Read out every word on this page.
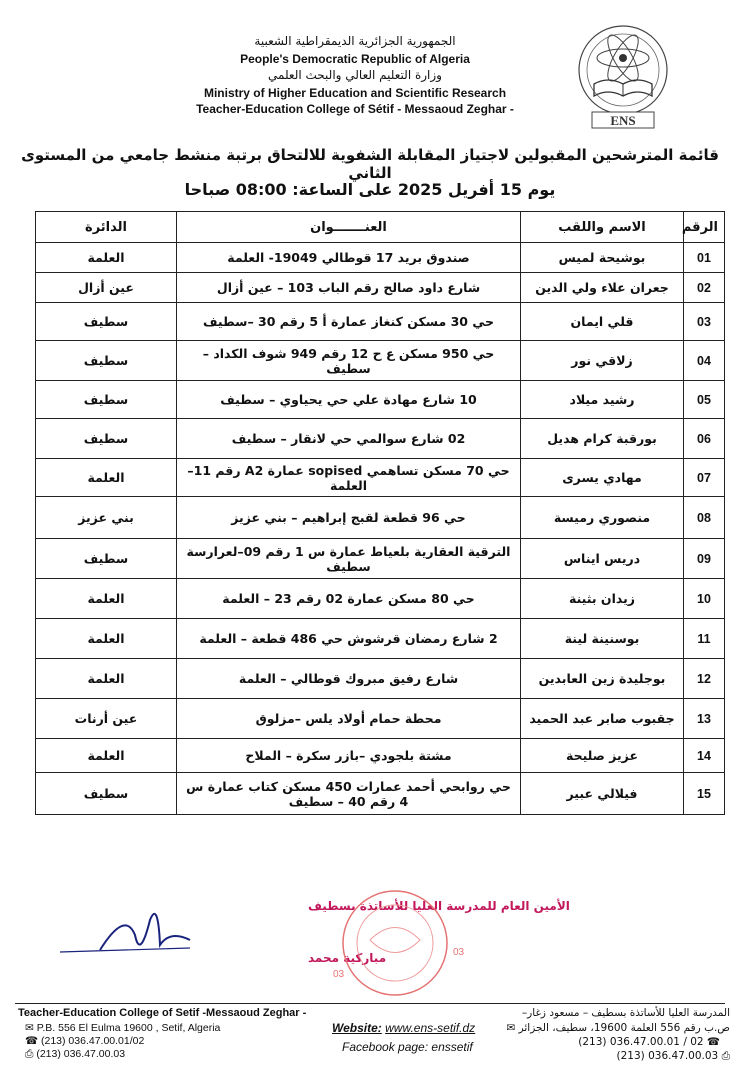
الجمهورية الجزائرية الديمقراطية الشعبية
People's Democratic Republic of Algeria
وزارة التعليم العالي والبحث العلمي
Ministry of Higher Education and Scientific Research
Teacher-Education College of Sétif - Messaoud Zeghar -
ENS
قائمة المترشحين المقبولين لاجتياز المقابلة الشفوية للالتحاق برتبة منشط جامعي من المستوى الثاني
يوم 15 أفريل 2025 على الساعة: 08:00 صباحا
الرقم	الاسم واللقب	العنـــــــوان	الدائرة
01	بوشيحة لميس	صندوق بريد 17 قوطالي 19049- العلمة	العلمة
02	جعران علاء ولي الدين	شارع داود صالح رقم الباب 103 – عين أزال	عين أزال
03	قلي ايمان	حي 30 مسكن كنغاز عمارة أ 5 رقم 30 –سطيف	سطيف
04	زلاقي نور	حي 950 مسكن ع ح 12 رقم 949 شوف الكداد – سطيف	سطيف
05	رشيد ميلاد	10 شارع مهادة علي حي يحياوي – سطيف	سطيف
06	بورقبة كرام هديل	02 شارع سوالمي حي لانقار – سطيف	سطيف
07	مهادي يسرى	حي 70 مسكن تساهمي sopised عمارة A2 رقم 11–العلمة	العلمة
08	منصوري رميسة	حي 96 قطعة لقبج إبراهيم – بني عزيز	بني عزيز
09	دريس ايناس	الترقية العقارية بلعياط عمارة س 1 رقم 09–لعرارسة سطيف	سطيف
10	زيدان بثينة	حي 80 مسكن عمارة 02 رقم 23 – العلمة	العلمة
11	بوسنينة لينة	2 شارع رمضان قرشوش حي 486 قطعة – العلمة	العلمة
12	بوجليدة زين العابدين	شارع رفيق مبروك قوطالي – العلمة	العلمة
13	جقبوب صابر عبد الحميد	محطة حمام أولاد يلس –مزلوق	عين أرنات
14	عزيز صليحة	مشتة بلجودي –بازر سكرة – الملاح	العلمة
15	فيلالي عبير	حي روابحي أحمد عمارات 450 مسكن كتاب عمارة س 4 رقم 40 – سطيف	سطيف
الأمين العام للمدرسة العليا للأساتذة بسطيف
مباركية محمد	03
03
Teacher-Education College of Setif -Messaoud Zeghar -
✉ P.B. 556 El Eulma 19600 , Setif, Algeria
☎ (213) 036.47.00.01/02
⎙ (213) 036.47.00.03
Website: www.ens-setif.dz
Facebook page: enssetif
المدرسة العليا للأساتذة بسطيف – مسعود زغار–
ص.ب رقم 556 العلمة 19600، سطيف، الجزائر ✉
(213) 036.47.00.01 / 02 ☎
(213) 036.47.00.03 ⎙
